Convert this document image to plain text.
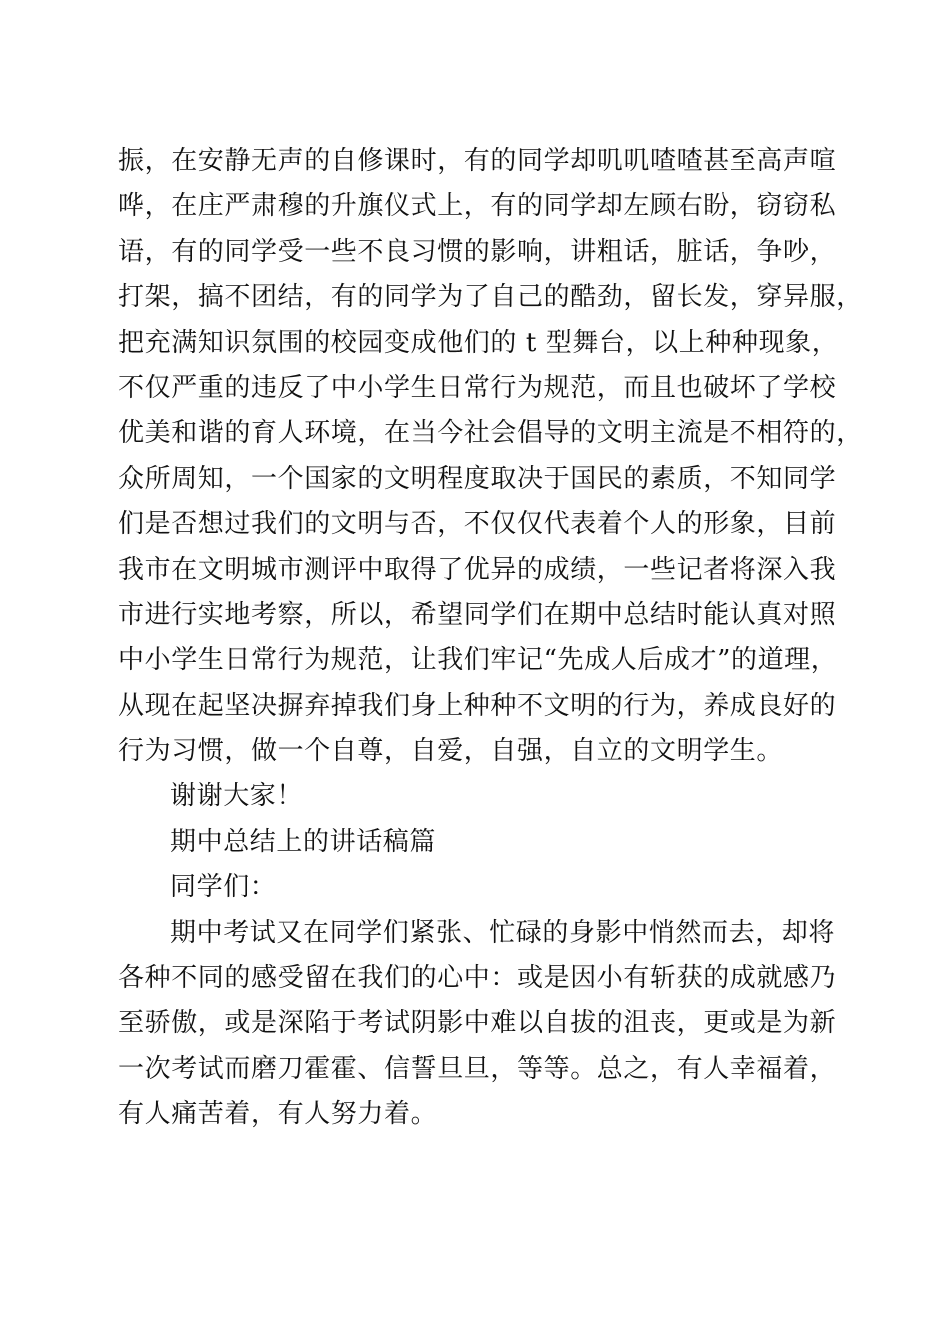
振，在安静无声的自修课时，有的同学却叽叽喳喳甚至高声喧
哗，在庄严肃穆的升旗仪式上，有的同学却左顾右盼，窃窃私
语，有的同学受一些不良习惯的影响，讲粗话，脏话，争吵，
打架，搞不团结，有的同学为了自己的酷劲，留长发，穿异服，
把充满知识氛围的校园变成他们的 t 型舞台，以上种种现象，
不仅严重的违反了中小学生日常行为规范，而且也破坏了学校
优美和谐的育人环境，在当今社会倡导的文明主流是不相符的，
众所周知，一个国家的文明程度取决于国民的素质，不知同学
们是否想过我们的文明与否，不仅仅代表着个人的形象，目前
我市在文明城市测评中取得了优异的成绩，一些记者将深入我
市进行实地考察，所以，希望同学们在期中总结时能认真对照
中小学生日常行为规范，让我们牢记“先成人后成才”的道理，
从现在起坚决摒弃掉我们身上种种不文明的行为，养成良好的
行为习惯，做一个自尊，自爱，自强，自立的文明学生。
谢谢大家！
期中总结上的讲话稿篇
同学们：
期中考试又在同学们紧张、忙碌的身影中悄然而去，却将
各种不同的感受留在我们的心中：或是因小有斩获的成就感乃
至骄傲，或是深陷于考试阴影中难以自拔的沮丧，更或是为新
一次考试而磨刀霍霍、信誓旦旦，等等。总之，有人幸福着，
有人痛苦着，有人努力着。
